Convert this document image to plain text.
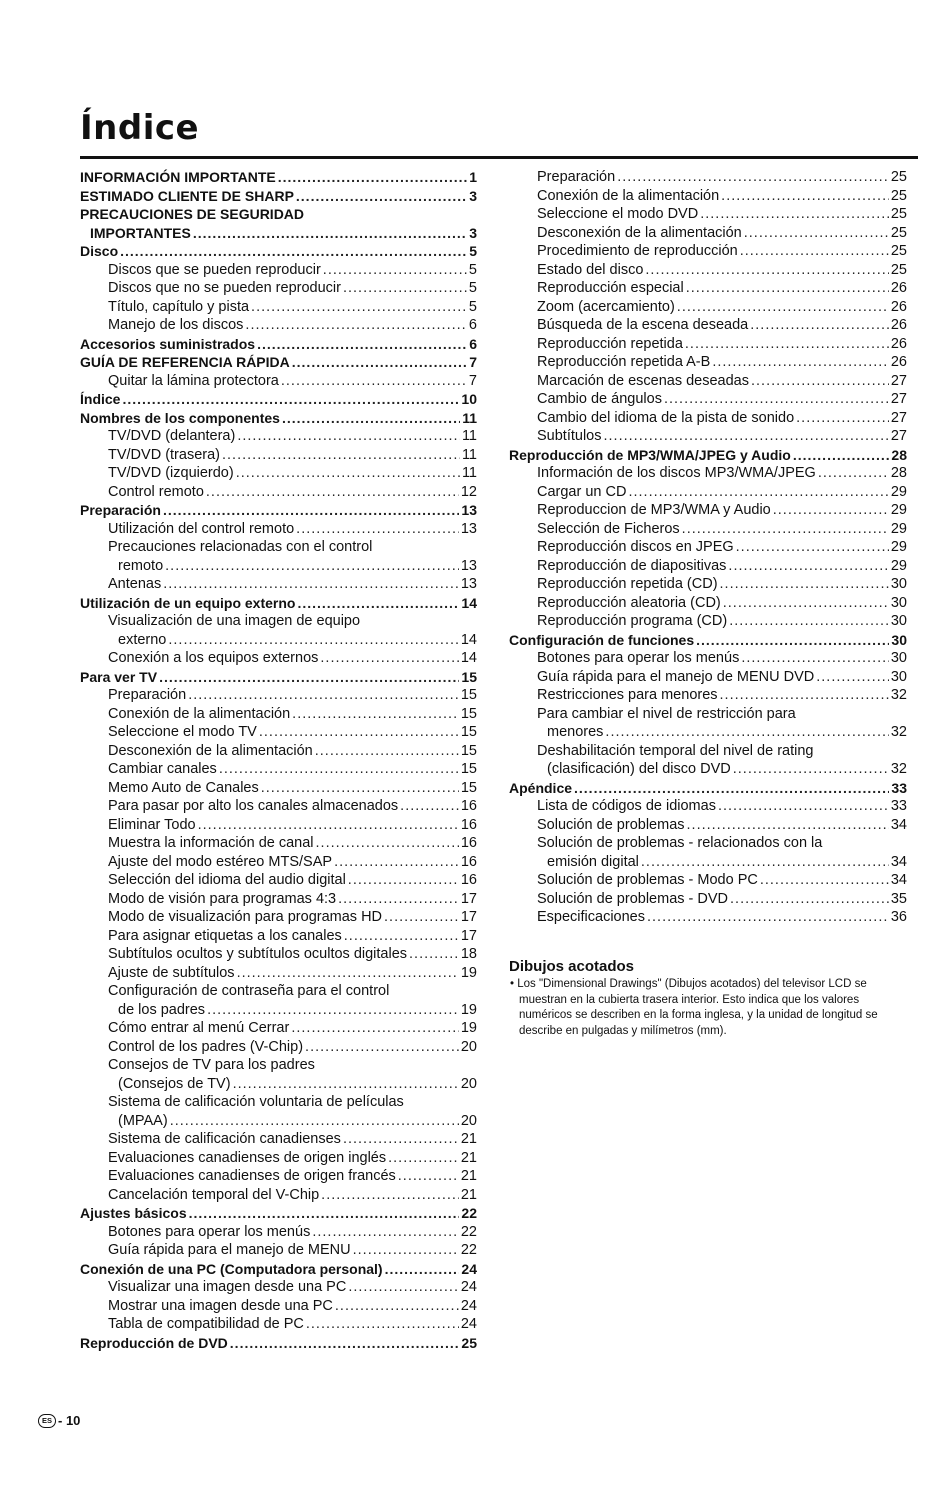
Índice
INFORMACIÓN IMPORTANTE .....	1
ESTIMADO CLIENTE DE SHARP .....	3
PRECAUCIONES DE SEGURIDAD
IMPORTANTES .....	3
Disco .....	5
Discos que se pueden reproducir .....	5
Discos que no se pueden reproducir .....	5
Título, capítulo y pista .....	5
Manejo de los discos .....	6
Accesorios suministrados .....	6
GUÍA DE REFERENCIA RÁPIDA .....	7
Quitar la lámina protectora .....	7
Índice .....	10
Nombres de los componentes .....	11
TV/DVD (delantera) .....	11
TV/DVD (trasera) .....	11
TV/DVD (izquierdo) .....	11
Control remoto .....	12
Preparación .....	13
Utilización del control remoto .....	13
Precauciones relacionadas con el control
remoto .....	13
Antenas .....	13
Utilización de un equipo externo .....	14
Visualización de una imagen de equipo
externo .....	14
Conexión a los equipos externos .....	14
Para ver TV .....	15
Preparación .....	15
Conexión de la alimentación .....	15
Seleccione el modo TV .....	15
Desconexión de la alimentación .....	15
Cambiar canales .....	15
Memo Auto de Canales .....	15
Para pasar por alto los canales almacenados .....	16
Eliminar Todo .....	16
Muestra la información de canal .....	16
Ajuste del modo estéreo MTS/SAP .....	16
Selección del idioma del audio digital .....	16
Modo de visión para programas 4:3 .....	17
Modo de visualización para programas HD .....	17
Para asignar etiquetas a los canales .....	17
Subtítulos ocultos y subtítulos ocultos digitales .....	18
Ajuste de subtítulos .....	19
Configuración de contraseña para el control
de los padres .....	19
Cómo entrar al menú Cerrar .....	19
Control de los padres (V-Chip) .....	20
Consejos de TV para los padres
(Consejos de TV) .....	20
Sistema de calificación voluntaria de películas
(MPAA) .....	20
Sistema de calificación canadienses .....	21
Evaluaciones canadienses de origen inglés .....	21
Evaluaciones canadienses de origen francés .....	21
Cancelación temporal del V-Chip .....	21
Ajustes básicos .....	22
Botones para operar los menús .....	22
Guía rápida para el manejo de MENU .....	22
Conexión de una PC (Computadora personal) .....	24
Visualizar una imagen desde una PC .....	24
Mostrar una imagen desde una PC .....	24
Tabla de compatibilidad de PC .....	24
Reproducción de DVD .....	25
Preparación .....	25
Conexión de la alimentación .....	25
Seleccione el modo DVD .....	25
Desconexión de la alimentación .....	25
Procedimiento de reproducción .....	25
Estado del disco .....	25
Reproducción especial .....	26
Zoom (acercamiento) .....	26
Búsqueda de la escena deseada .....	26
Reproducción repetida .....	26
Reproducción repetida A-B .....	26
Marcación de escenas deseadas .....	27
Cambio de ángulos .....	27
Cambio del idioma de la pista de sonido .....	27
Subtítulos .....	27
Reproducción de MP3/WMA/JPEG y Audio .....	28
Información de los discos MP3/WMA/JPEG .....	28
Cargar un CD .....	29
Reproduccion de MP3/WMA y Audio .....	29
Selección de Ficheros .....	29
Reproducción discos en JPEG .....	29
Reproducción de diapositivas .....	29
Reproducción repetida (CD) .....	30
Reproducción aleatoria (CD) .....	30
Reproducción programa (CD) .....	30
Configuración de funciones .....	30
Botones para operar los menús .....	30
Guía rápida para el manejo de MENU DVD .....	30
Restricciones para menores .....	32
Para cambiar el nivel de restricción para
menores .....	32
Deshabilitación temporal del nivel de rating
(clasificación) del disco DVD .....	32
Apéndice .....	33
Lista de códigos de idiomas .....	33
Solución de problemas .....	34
Solución de problemas - relacionados con la
emisión digital .....	34
Solución de problemas - Modo PC .....	34
Solución de problemas - DVD .....	35
Especificaciones .....	36
Dibujos acotados
• Los "Dimensional Drawings" (Dibujos acotados) del televisor LCD se muestran en la cubierta trasera interior. Esto indica que los valores numéricos se describen en la forma inglesa, y la unidad de longitud se describe en pulgadas y milímetros (mm).
ES - 10
